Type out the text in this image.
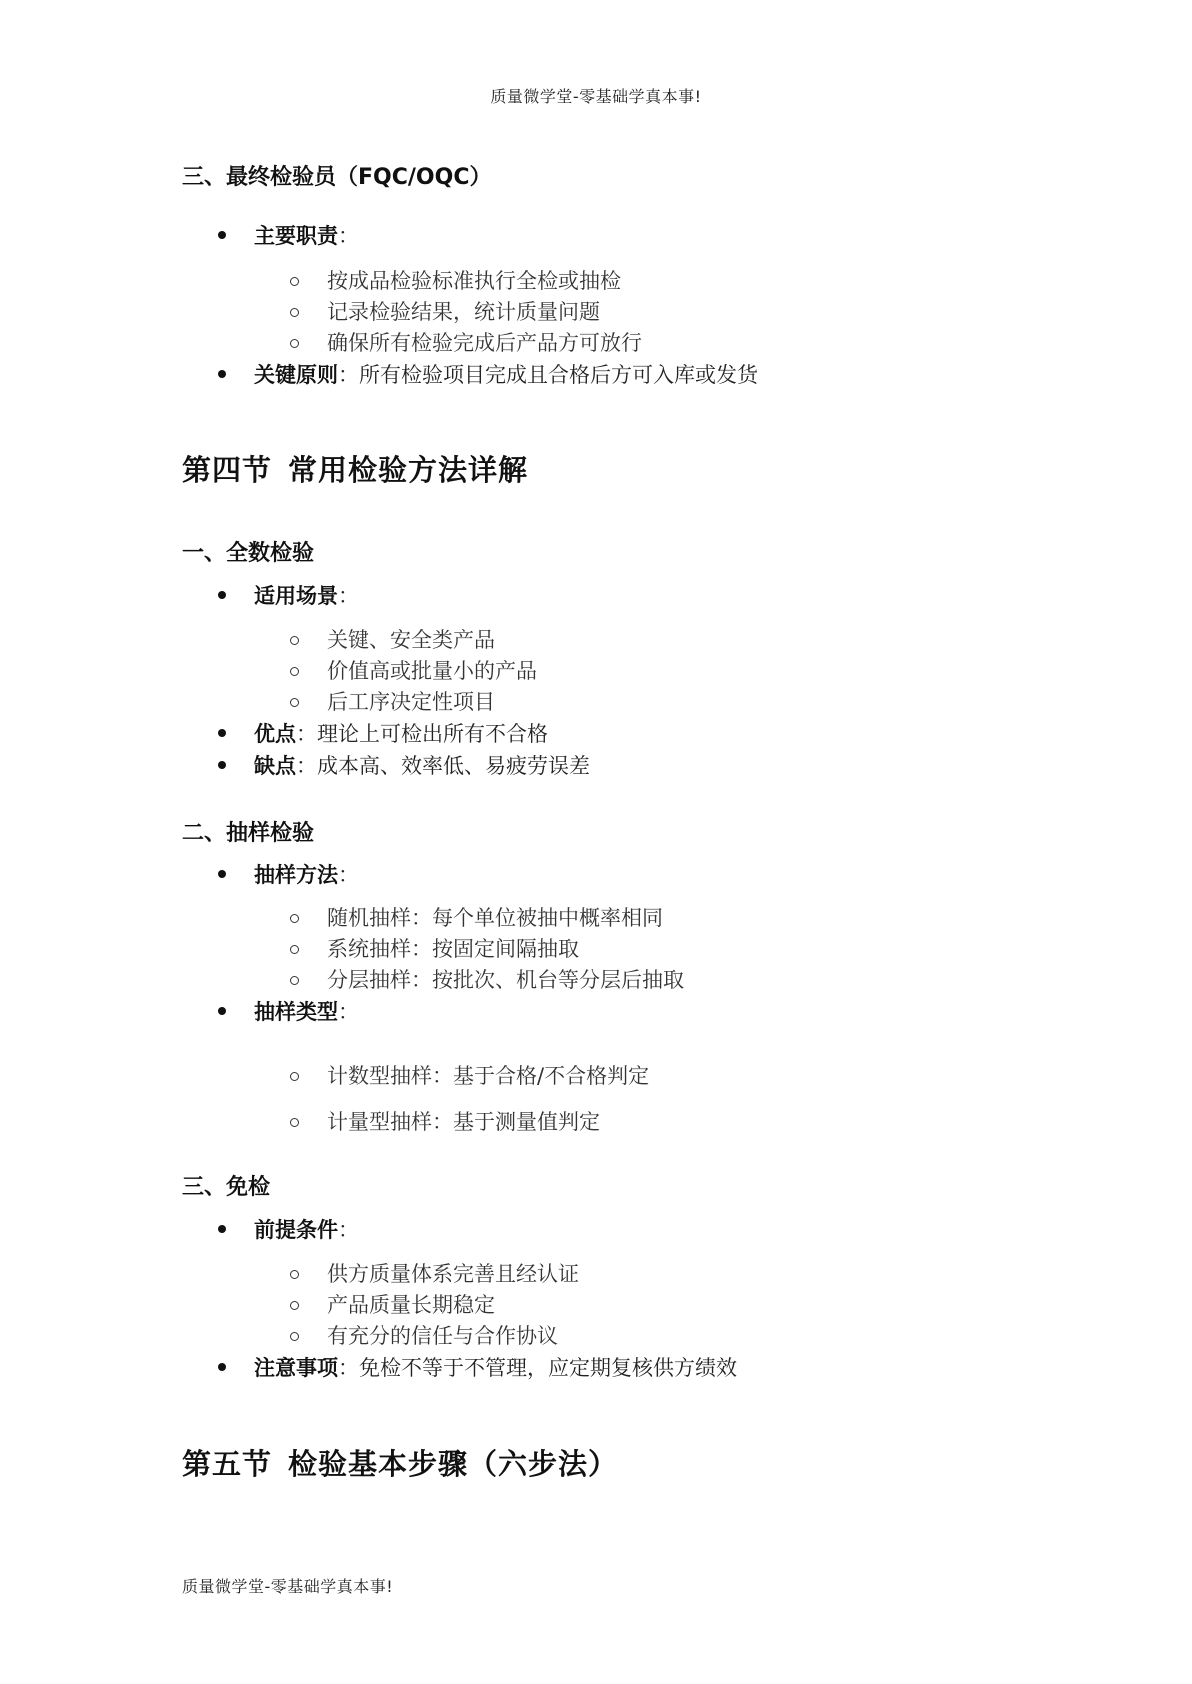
质量微学堂-零基础学真本事!
三、最终检验员（FQC/OQC）
主要职责：
按成品检验标准执行全检或抽检
记录检验结果，统计质量问题
确保所有检验完成后产品方可放行
关键原则：所有检验项目完成且合格后方可入库或发货
第四节 常用检验方法详解
一、全数检验
适用场景：
关键、安全类产品
价值高或批量小的产品
后工序决定性项目
优点：理论上可检出所有不合格
缺点：成本高、效率低、易疲劳误差
二、抽样检验
抽样方法：
随机抽样：每个单位被抽中概率相同
系统抽样：按固定间隔抽取
分层抽样：按批次、机台等分层后抽取
抽样类型：
计数型抽样：基于合格/不合格判定
计量型抽样：基于测量值判定
三、免检
前提条件：
供方质量体系完善且经认证
产品质量长期稳定
有充分的信任与合作协议
注意事项：免检不等于不管理，应定期复核供方绩效
第五节 检验基本步骤（六步法）
质量微学堂-零基础学真本事!
